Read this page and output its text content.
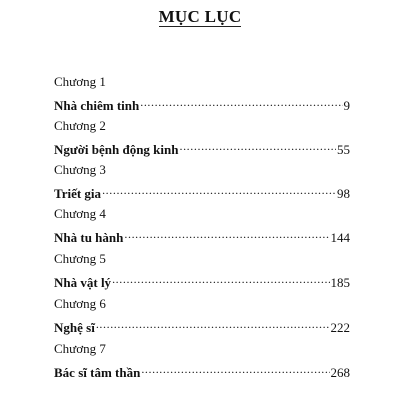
MỤC LỤC
Chương 1
Nhà chiêm tinh .....	9
Chương 2
Người bệnh động kinh .....	55
Chương 3
Triết gia .....	98
Chương 4
Nhà tu hành .....	144
Chương 5
Nhà vật lý .....	185
Chương 6
Nghệ sĩ .....	222
Chương 7
Bác sĩ tâm thần .....	268
